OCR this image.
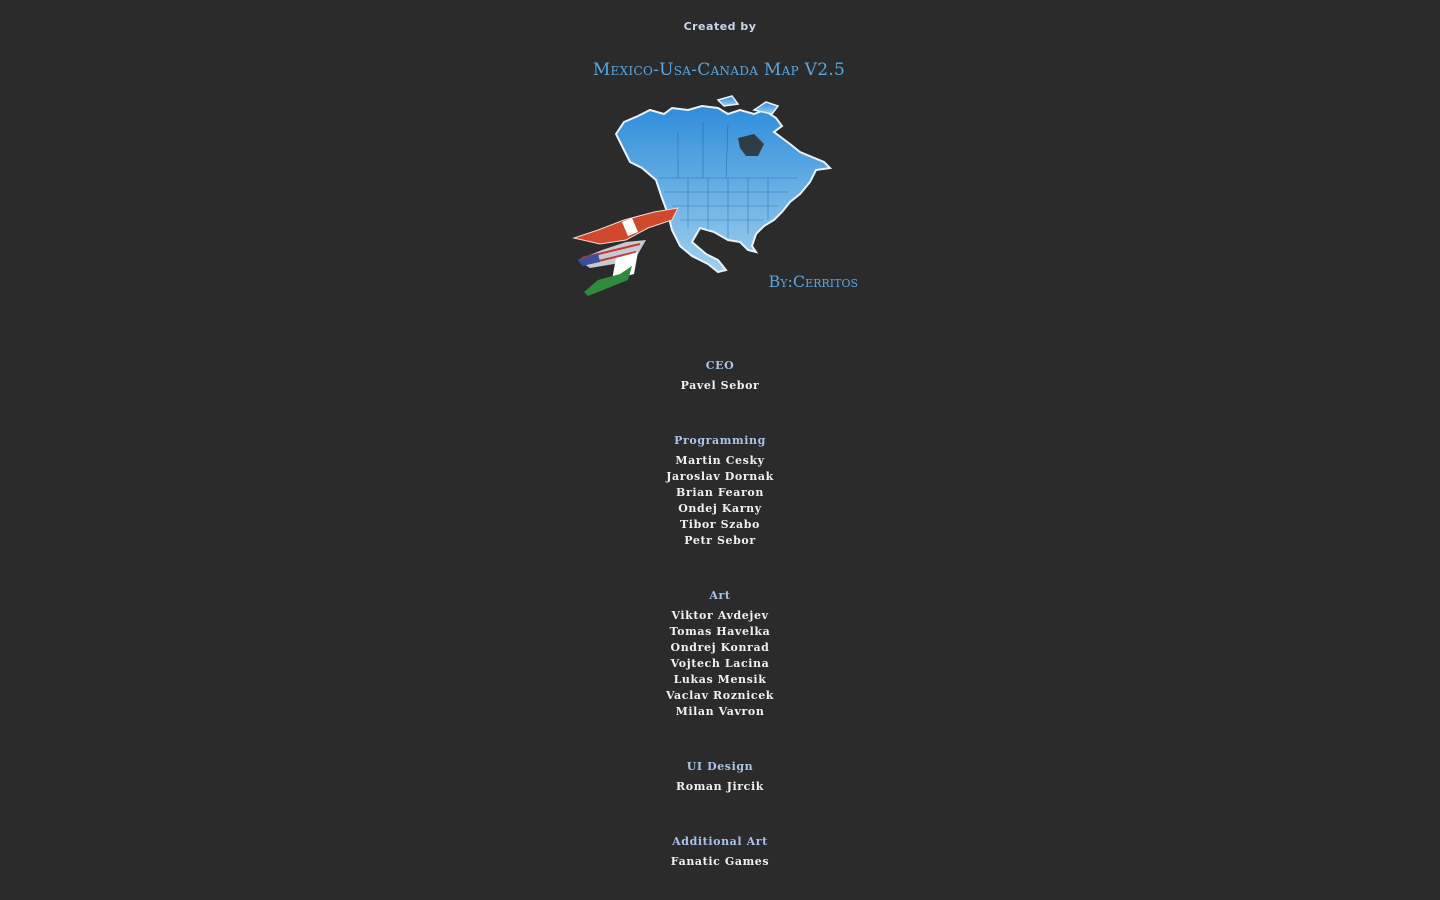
Created by
Mexico-Usa-Canada Map V2.5
By:Cerritos
CEO
Pavel Sebor
Programming
Martin Cesky
Jaroslav Dornak
Brian Fearon
Ondej Karny
Tibor Szabo
Petr Sebor
Art
Viktor Avdejev
Tomas Havelka
Ondrej Konrad
Vojtech Lacina
Lukas Mensik
Vaclav Roznicek
Milan Vavron
UI Design
Roman Jircik
Additional Art
Fanatic Games
